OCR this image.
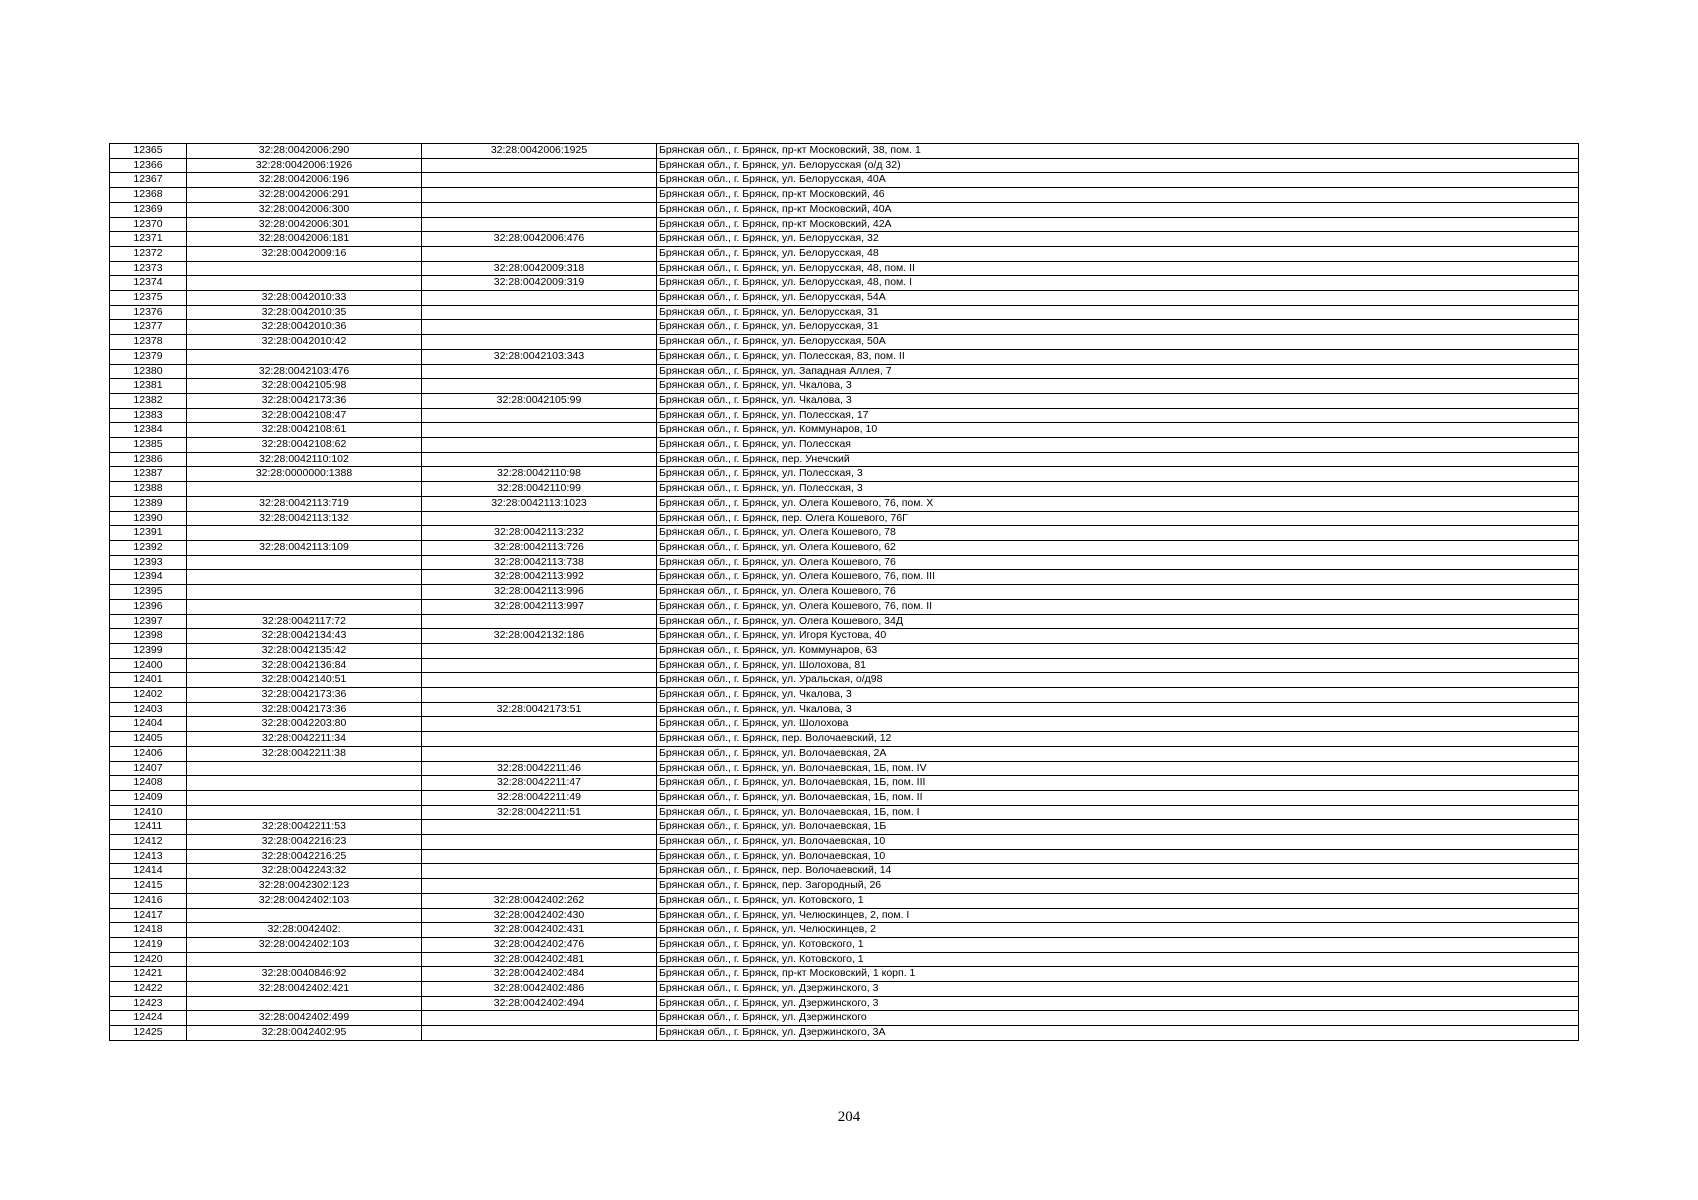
12365	32:28:0042006:290	32:28:0042006:1925	Брянская обл., г. Брянск, пр-кт Московский, 38, пом. 1
12366	32:28:0042006:1926		Брянская обл., г. Брянск, ул. Белорусская (о/д 32)
12367	32:28:0042006:196		Брянская обл., г. Брянск, ул. Белорусская, 40А
12368	32:28:0042006:291		Брянская обл., г. Брянск, пр-кт Московский, 46
12369	32:28:0042006:300		Брянская обл., г. Брянск, пр-кт Московский, 40А
12370	32:28:0042006:301		Брянская обл., г. Брянск, пр-кт Московский, 42А
12371	32:28:0042006:181	32:28:0042006:476	Брянская обл., г. Брянск, ул. Белорусская, 32
12372	32:28:0042009:16		Брянская обл., г. Брянск, ул. Белорусская, 48
12373		32:28:0042009:318	Брянская обл., г. Брянск, ул. Белорусская, 48, пом. II
12374		32:28:0042009:319	Брянская обл., г. Брянск, ул. Белорусская, 48, пом. I
12375	32:28:0042010:33		Брянская обл., г. Брянск, ул. Белорусская, 54А
12376	32:28:0042010:35		Брянская обл., г. Брянск, ул. Белорусская, 31
12377	32:28:0042010:36		Брянская обл., г. Брянск, ул. Белорусская, 31
12378	32:28:0042010:42		Брянская обл., г. Брянск, ул. Белорусская, 50А
12379		32:28:0042103:343	Брянская обл., г. Брянск, ул. Полесская, 83, пом. II
12380	32:28:0042103:476		Брянская обл., г. Брянск, ул. Западная Аллея, 7
12381	32:28:0042105:98		Брянская обл., г. Брянск, ул. Чкалова, 3
12382	32:28:0042173:36	32:28:0042105:99	Брянская обл., г. Брянск, ул. Чкалова, 3
12383	32:28:0042108:47		Брянская обл., г. Брянск, ул. Полесская, 17
12384	32:28:0042108:61		Брянская обл., г. Брянск, ул. Коммунаров, 10
12385	32:28:0042108:62		Брянская обл., г. Брянск, ул. Полесская
12386	32:28:0042110:102		Брянская обл., г. Брянск, пер. Унечский
12387	32:28:0000000:1388	32:28:0042110:98	Брянская обл., г. Брянск, ул. Полесская, 3
12388		32:28:0042110:99	Брянская обл., г. Брянск, ул. Полесская, 3
12389	32:28:0042113:719	32:28:0042113:1023	Брянская обл., г. Брянск, ул. Олега Кошевого, 76, пом. X
12390	32:28:0042113:132		Брянская обл., г. Брянск, пер. Олега Кошевого, 76Г
12391		32:28:0042113:232	Брянская обл., г. Брянск, ул. Олега Кошевого, 78
12392	32:28:0042113:109	32:28:0042113:726	Брянская обл., г. Брянск, ул. Олега Кошевого, 62
12393		32:28:0042113:738	Брянская обл., г. Брянск, ул. Олега Кошевого, 76
12394		32:28:0042113:992	Брянская обл., г. Брянск, ул. Олега Кошевого, 76, пом. III
12395		32:28:0042113:996	Брянская обл., г. Брянск, ул. Олега Кошевого, 76
12396		32:28:0042113:997	Брянская обл., г. Брянск, ул. Олега Кошевого, 76, пом. II
12397	32:28:0042117:72		Брянская обл., г. Брянск, ул. Олега Кошевого, 34Д
12398	32:28:0042134:43	32:28:0042132:186	Брянская обл., г. Брянск, ул. Игоря Кустова, 40
12399	32:28:0042135:42		Брянская обл., г. Брянск, ул. Коммунаров, 63
12400	32:28:0042136:84		Брянская обл., г. Брянск, ул. Шолохова, 81
12401	32:28:0042140:51		Брянская обл., г. Брянск, ул. Уральская, о/д98
12402	32:28:0042173:36		Брянская обл., г. Брянск, ул. Чкалова, 3
12403	32:28:0042173:36	32:28:0042173:51	Брянская обл., г. Брянск, ул. Чкалова, 3
12404	32:28:0042203:80		Брянская обл., г. Брянск, ул. Шолохова
12405	32:28:0042211:34		Брянская обл., г. Брянск, пер. Волочаевский, 12
12406	32:28:0042211:38		Брянская обл., г. Брянск, ул. Волочаевская, 2А
12407		32:28:0042211:46	Брянская обл., г. Брянск, ул. Волочаевская, 1Б, пом. IV
12408		32:28:0042211:47	Брянская обл., г. Брянск, ул. Волочаевская, 1Б, пом. III
12409		32:28:0042211:49	Брянская обл., г. Брянск, ул. Волочаевская, 1Б, пом. II
12410		32:28:0042211:51	Брянская обл., г. Брянск, ул. Волочаевская, 1Б, пом. I
12411	32:28:0042211:53		Брянская обл., г. Брянск, ул. Волочаевская, 1Б
12412	32:28:0042216:23		Брянская обл., г. Брянск, ул. Волочаевская, 10
12413	32:28:0042216:25		Брянская обл., г. Брянск, ул. Волочаевская, 10
12414	32:28:0042243:32		Брянская обл., г. Брянск, пер. Волочаевский, 14
12415	32:28:0042302:123		Брянская обл., г. Брянск, пер. Загородный, 26
12416	32:28:0042402:103	32:28:0042402:262	Брянская обл., г. Брянск, ул. Котовского, 1
12417		32:28:0042402:430	Брянская обл., г. Брянск, ул. Челюскинцев, 2, пом. I
12418	32:28:0042402:	32:28:0042402:431	Брянская обл., г. Брянск, ул. Челюскинцев, 2
12419	32:28:0042402:103	32:28:0042402:476	Брянская обл., г. Брянск, ул. Котовского, 1
12420		32:28:0042402:481	Брянская обл., г. Брянск, ул. Котовского, 1
12421	32:28:0040846:92	32:28:0042402:484	Брянская обл., г. Брянск, пр-кт Московский, 1 корп. 1
12422	32:28:0042402:421	32:28:0042402:486	Брянская обл., г. Брянск, ул. Дзержинского, 3
12423		32:28:0042402:494	Брянская обл., г. Брянск, ул. Дзержинского, 3
12424	32:28:0042402:499		Брянская обл., г. Брянск, ул. Дзержинского
12425	32:28:0042402:95		Брянская обл., г. Брянск, ул. Дзержинского, 3А
204
